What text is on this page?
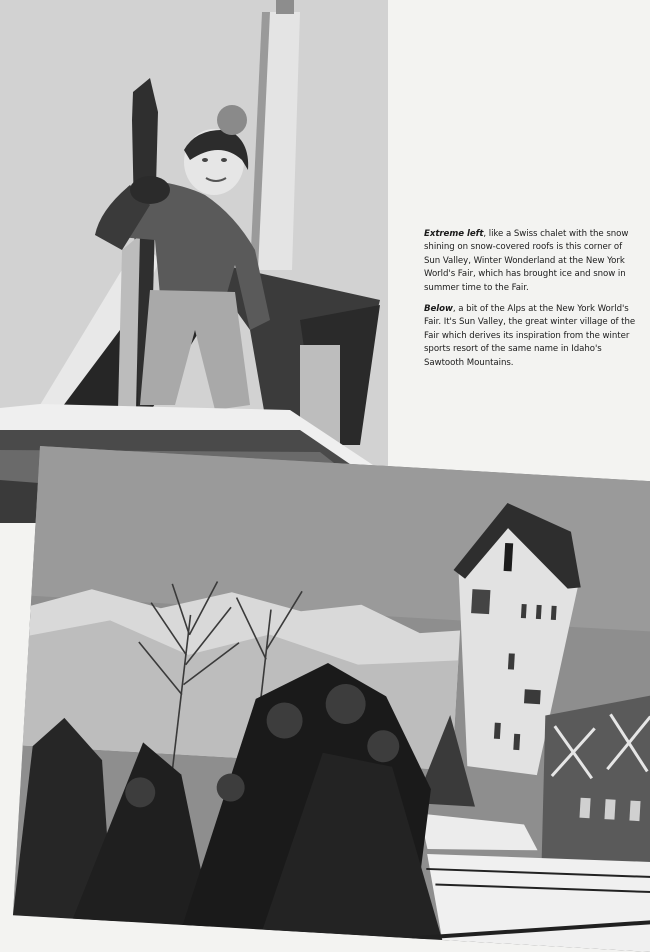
Extreme left, like a Swiss chalet with the snow shining on snow-covered roofs is this corner of Sun Valley, Winter Wonderland at the New York World's Fair, which has brought ice and snow in summer time to the Fair.

Below, a bit of the Alps at the New York World's Fair. It's Sun Valley, the great winter village of the Fair which derives its inspiration from the winter sports resort of the same name in Idaho's Sawtooth Mountains.
